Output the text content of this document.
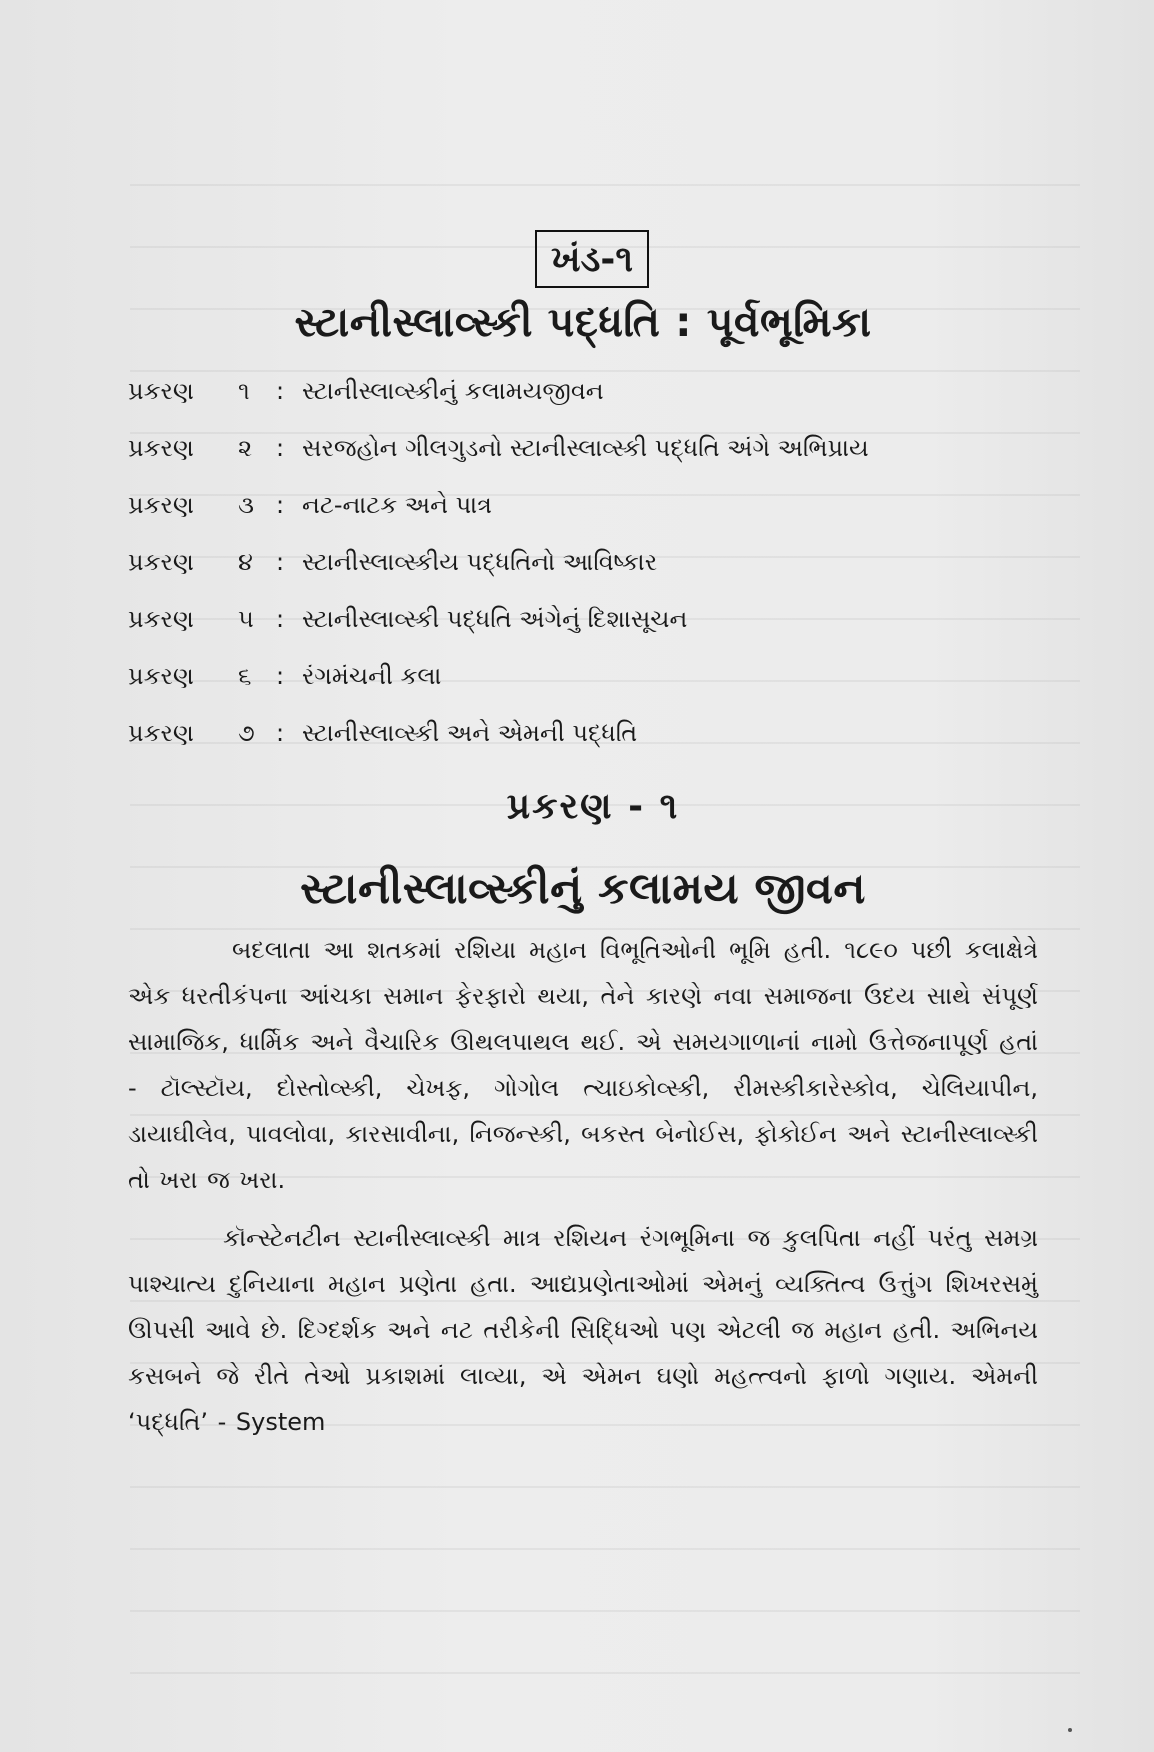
ખંડ-૧
સ્ટાનીસ્લાવ્સ્કી પદ્ધતિ : પૂર્વભૂમિકા
પ્રકરણ	૧	: સ્ટાનીસ્લાવ્સ્કીનું કલામયજીવન
પ્રકરણ	૨ : સરજહોન ગીલગુડનો સ્ટાનીસ્લાવ્સ્કી પદ્ધતિ અંગે અભિપ્રાય
પ્રકરણ	૩ : નટ-નાટક અને પાત્ર
પ્રકરણ	૪ : સ્ટાનીસ્લાવ્સ્કીય પદ્ધતિનો આવિષ્કાર
પ્રકરણ	૫ : સ્ટાનીસ્લાવ્સ્કી પદ્ધતિ અંગેનું દિશાસૂચન
પ્રકરણ	૬	: રંગમંચની કલા
પ્રકરણ	૭ : સ્ટાનીસ્લાવ્સ્કી અને એમની પદ્ધતિ
પ્રકરણ - ૧
સ્ટાનીસ્લાવ્સ્કીનું કલામય જીવન

બદલાતા આ શતકમાં રશિયા મહાન વિભૂતિઓની ભૂમિ હતી. ૧૮૯૦ પછી કલાક્ષેત્રે એક ધરતીકંપના આંચકા સમાન ફેરફારો થયા, તેને કારણે નવા સમાજના ઉદય સાથે સંપૂર્ણ સામાજિક, ધાર્મિક અને વૈચારિક ઊથલપાથલ થઈ. એ સમયગાળાનાં નામો ઉત્તેજનાપૂર્ણ હતાં - ટૉલ્સ્ટૉય, દોસ્તોવ્સ્કી, ચેખફ, ગોગોલ ત્ચાઇકોવ્સ્કી, રીમસ્કીકારેસ્કોવ, ચેલિયાપીન, ડાયાઘીલેવ, પાવલોવા, કારસાવીના, નિજન્સ્કી, બકસ્ત બેનોઈસ, ફોકોઈન અને સ્ટાનીસ્લાવ્સ્કી તો ખરા જ ખરા.

કૉન્સ્ટેનટીન સ્ટાનીસ્લાવ્સ્કી માત્ર રશિયન રંગભૂમિના જ કુલપિતા નહીં પરંતુ સમગ્ર પાશ્ચાત્ય દુનિયાના મહાન પ્રણેતા હતા. આદ્યપ્રણેતાઓમાં એમનું વ્યક્તિત્વ ઉત્તુંગ શિખરસમું ઊપસી આવે છે. દિગ્દર્શક અને નટ તરીકેની સિદ્ધિઓ પણ એટલી જ મહાન હતી. અભિનય કસબને જે રીતે તેઓ પ્રકાશમાં લાવ્યા, એ એમન ઘણો મહત્ત્વનો ફાળો ગણાય. એમની ‘પદ્ધતિ’ - System
